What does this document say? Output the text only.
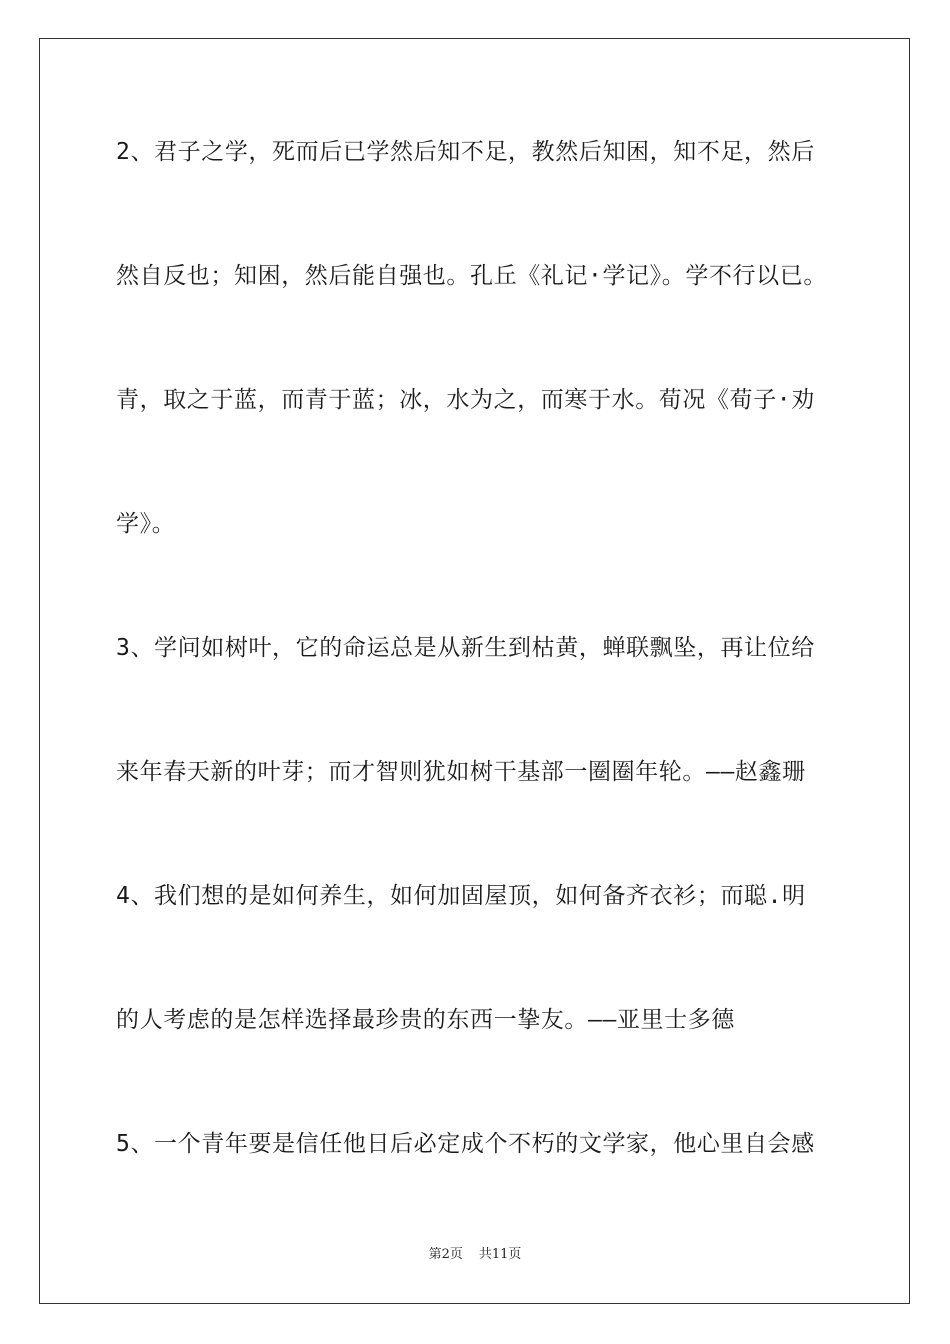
2、君子之学，死而后已学然后知不足，教然后知困，知不足，然后
然自反也；知困，然后能自强也。孔丘《礼记·学记》。学不行以已。
青，取之于蓝，而青于蓝；冰，水为之，而寒于水。荀况《荀子·劝
学》。
3、学问如树叶，它的命运总是从新生到枯黄，蝉联飘坠，再让位给
来年春天新的叶芽；而才智则犹如树干基部一圈圈年轮。——赵鑫珊
4、我们想的是如何养生，如何加固屋顶，如何备齐衣衫；而聪.明
的人考虑的是怎样选择最珍贵的东西一挚友。——亚里士多德
5、一个青年要是信任他日后必定成个不朽的文学家，他心里自会感
第2页 共11页
